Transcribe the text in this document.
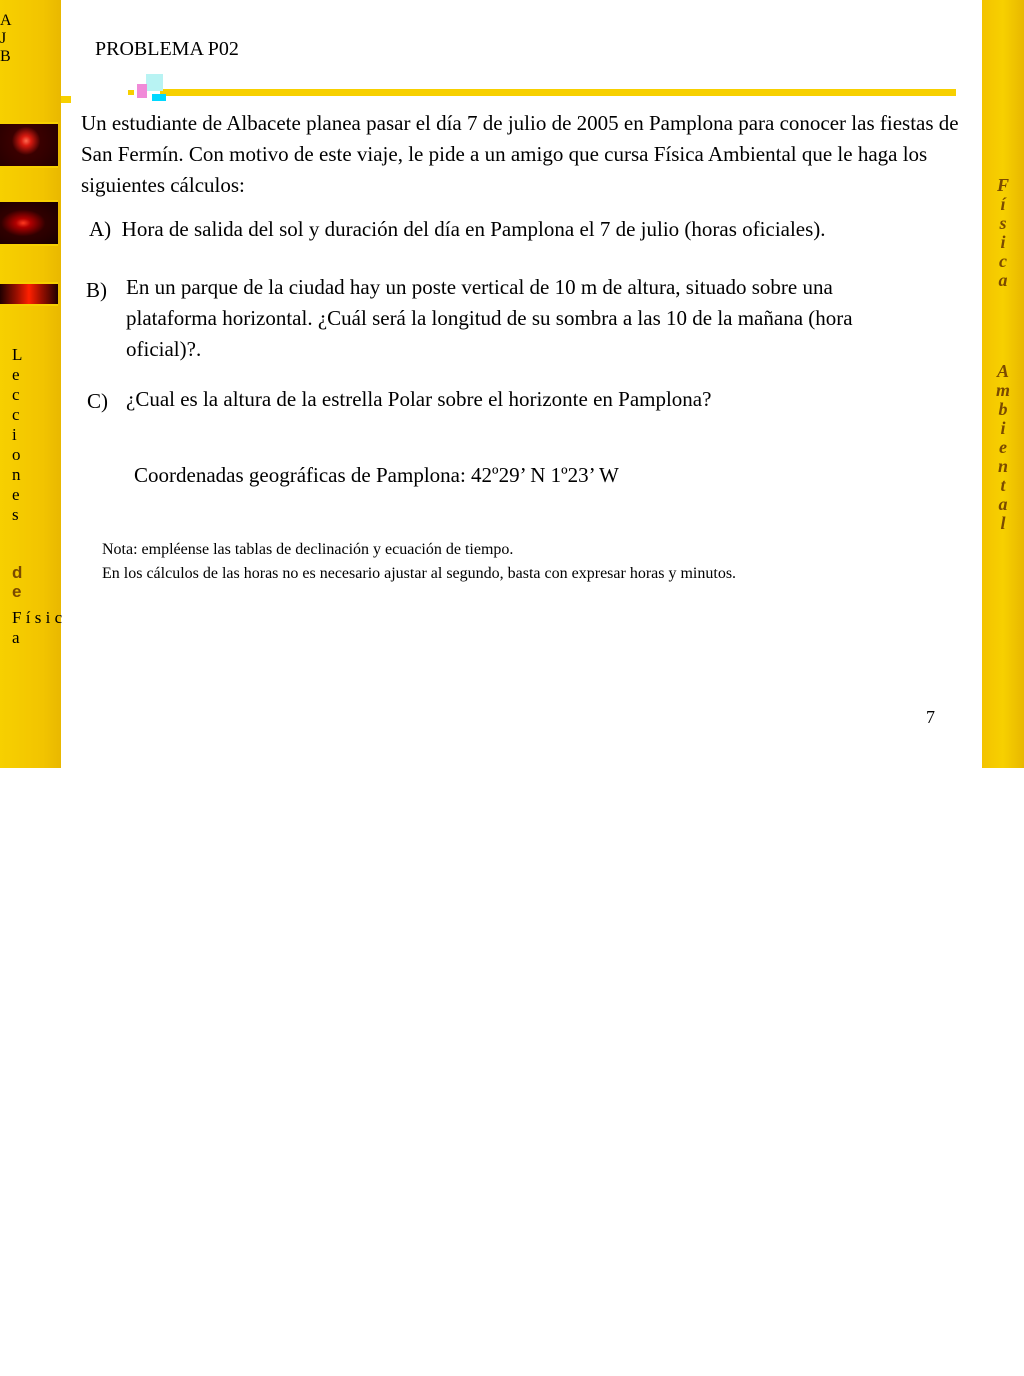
A
J
B
L
e
c
c
i
o
n
e
s
d
e
F í s i c a
F
í
s
i
c
a
A
m
b
i
e
n
t
a
l
PROBLEMA P02
Un estudiante de Albacete planea pasar el día 7 de julio de 2005 en Pamplona para conocer las fiestas de San Fermín. Con motivo de este viaje, le pide a un amigo que cursa Física Ambiental que le haga los siguientes cálculos:
A) Hora de salida del sol y duración del día en Pamplona el 7 de julio (horas oficiales).
B) En un parque de la ciudad hay un poste vertical de 10 m de altura, situado sobre una plataforma horizontal. ¿Cuál será la longitud de su sombra a las 10 de la mañana (hora oficial)?.
C) ¿Cual es la altura de la estrella Polar sobre el horizonte en Pamplona?
Coordenadas geográficas de Pamplona: 42º29’ N 1º23’ W
Nota: empléense las tablas de declinación y ecuación de tiempo.
En los cálculos de las horas no es necesario ajustar al segundo, basta con expresar horas y minutos.
7
